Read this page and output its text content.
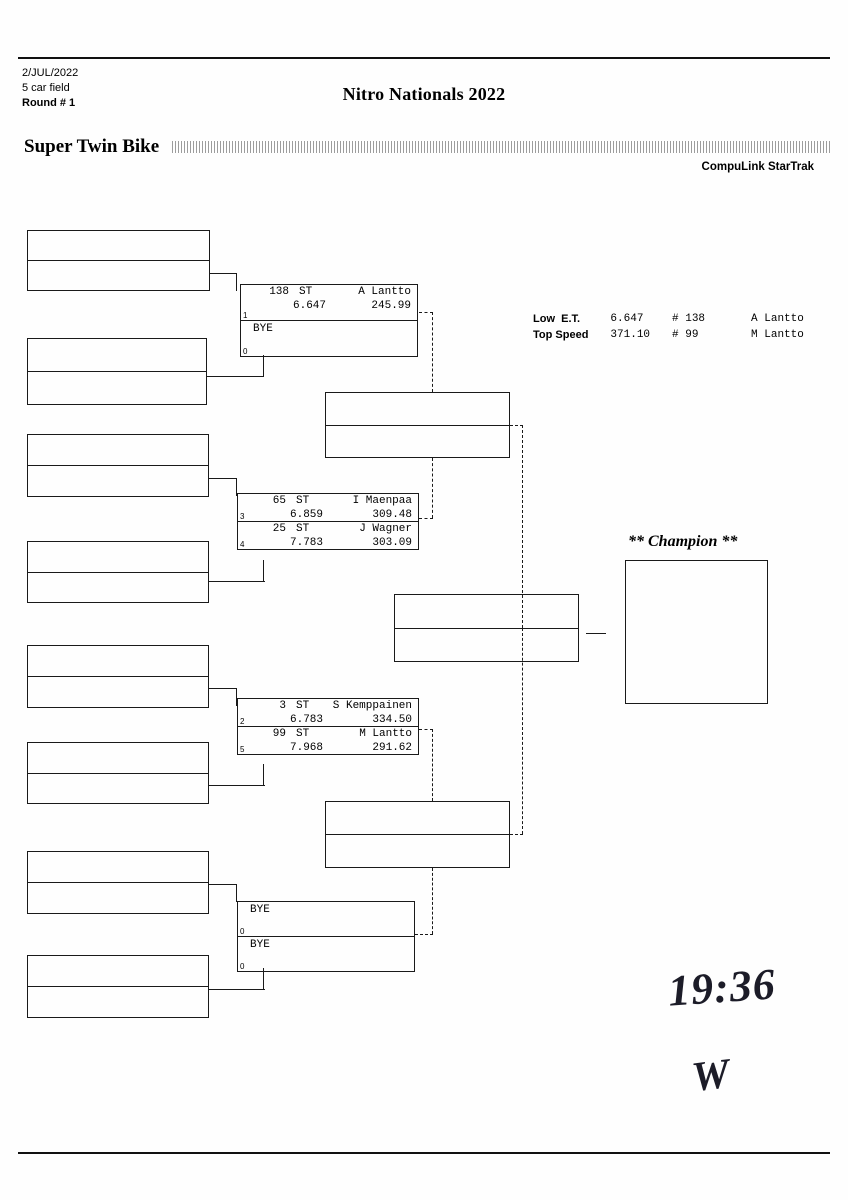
2/JUL/2022
5 car field
Round # 1	Nitro Nationals 2022
Super Twin Bike
CompuLink StarTrak
1
138 ST	A Lantto
6.647	245.99
0
BYE
3
65 ST	I Maenpaa
6.859	309.48
4
25 ST	J Wagner
7.783	303.09
2
3 ST S Kemppainen
6.783	334.50
5
99 ST	M Lantto
7.968	291.62
0
BYE
0
BYE
Low  E.T.	6.647	# 138	A Lantto
Top Speed	371.10	# 99	M Lantto
** Champion **
19:36
W
